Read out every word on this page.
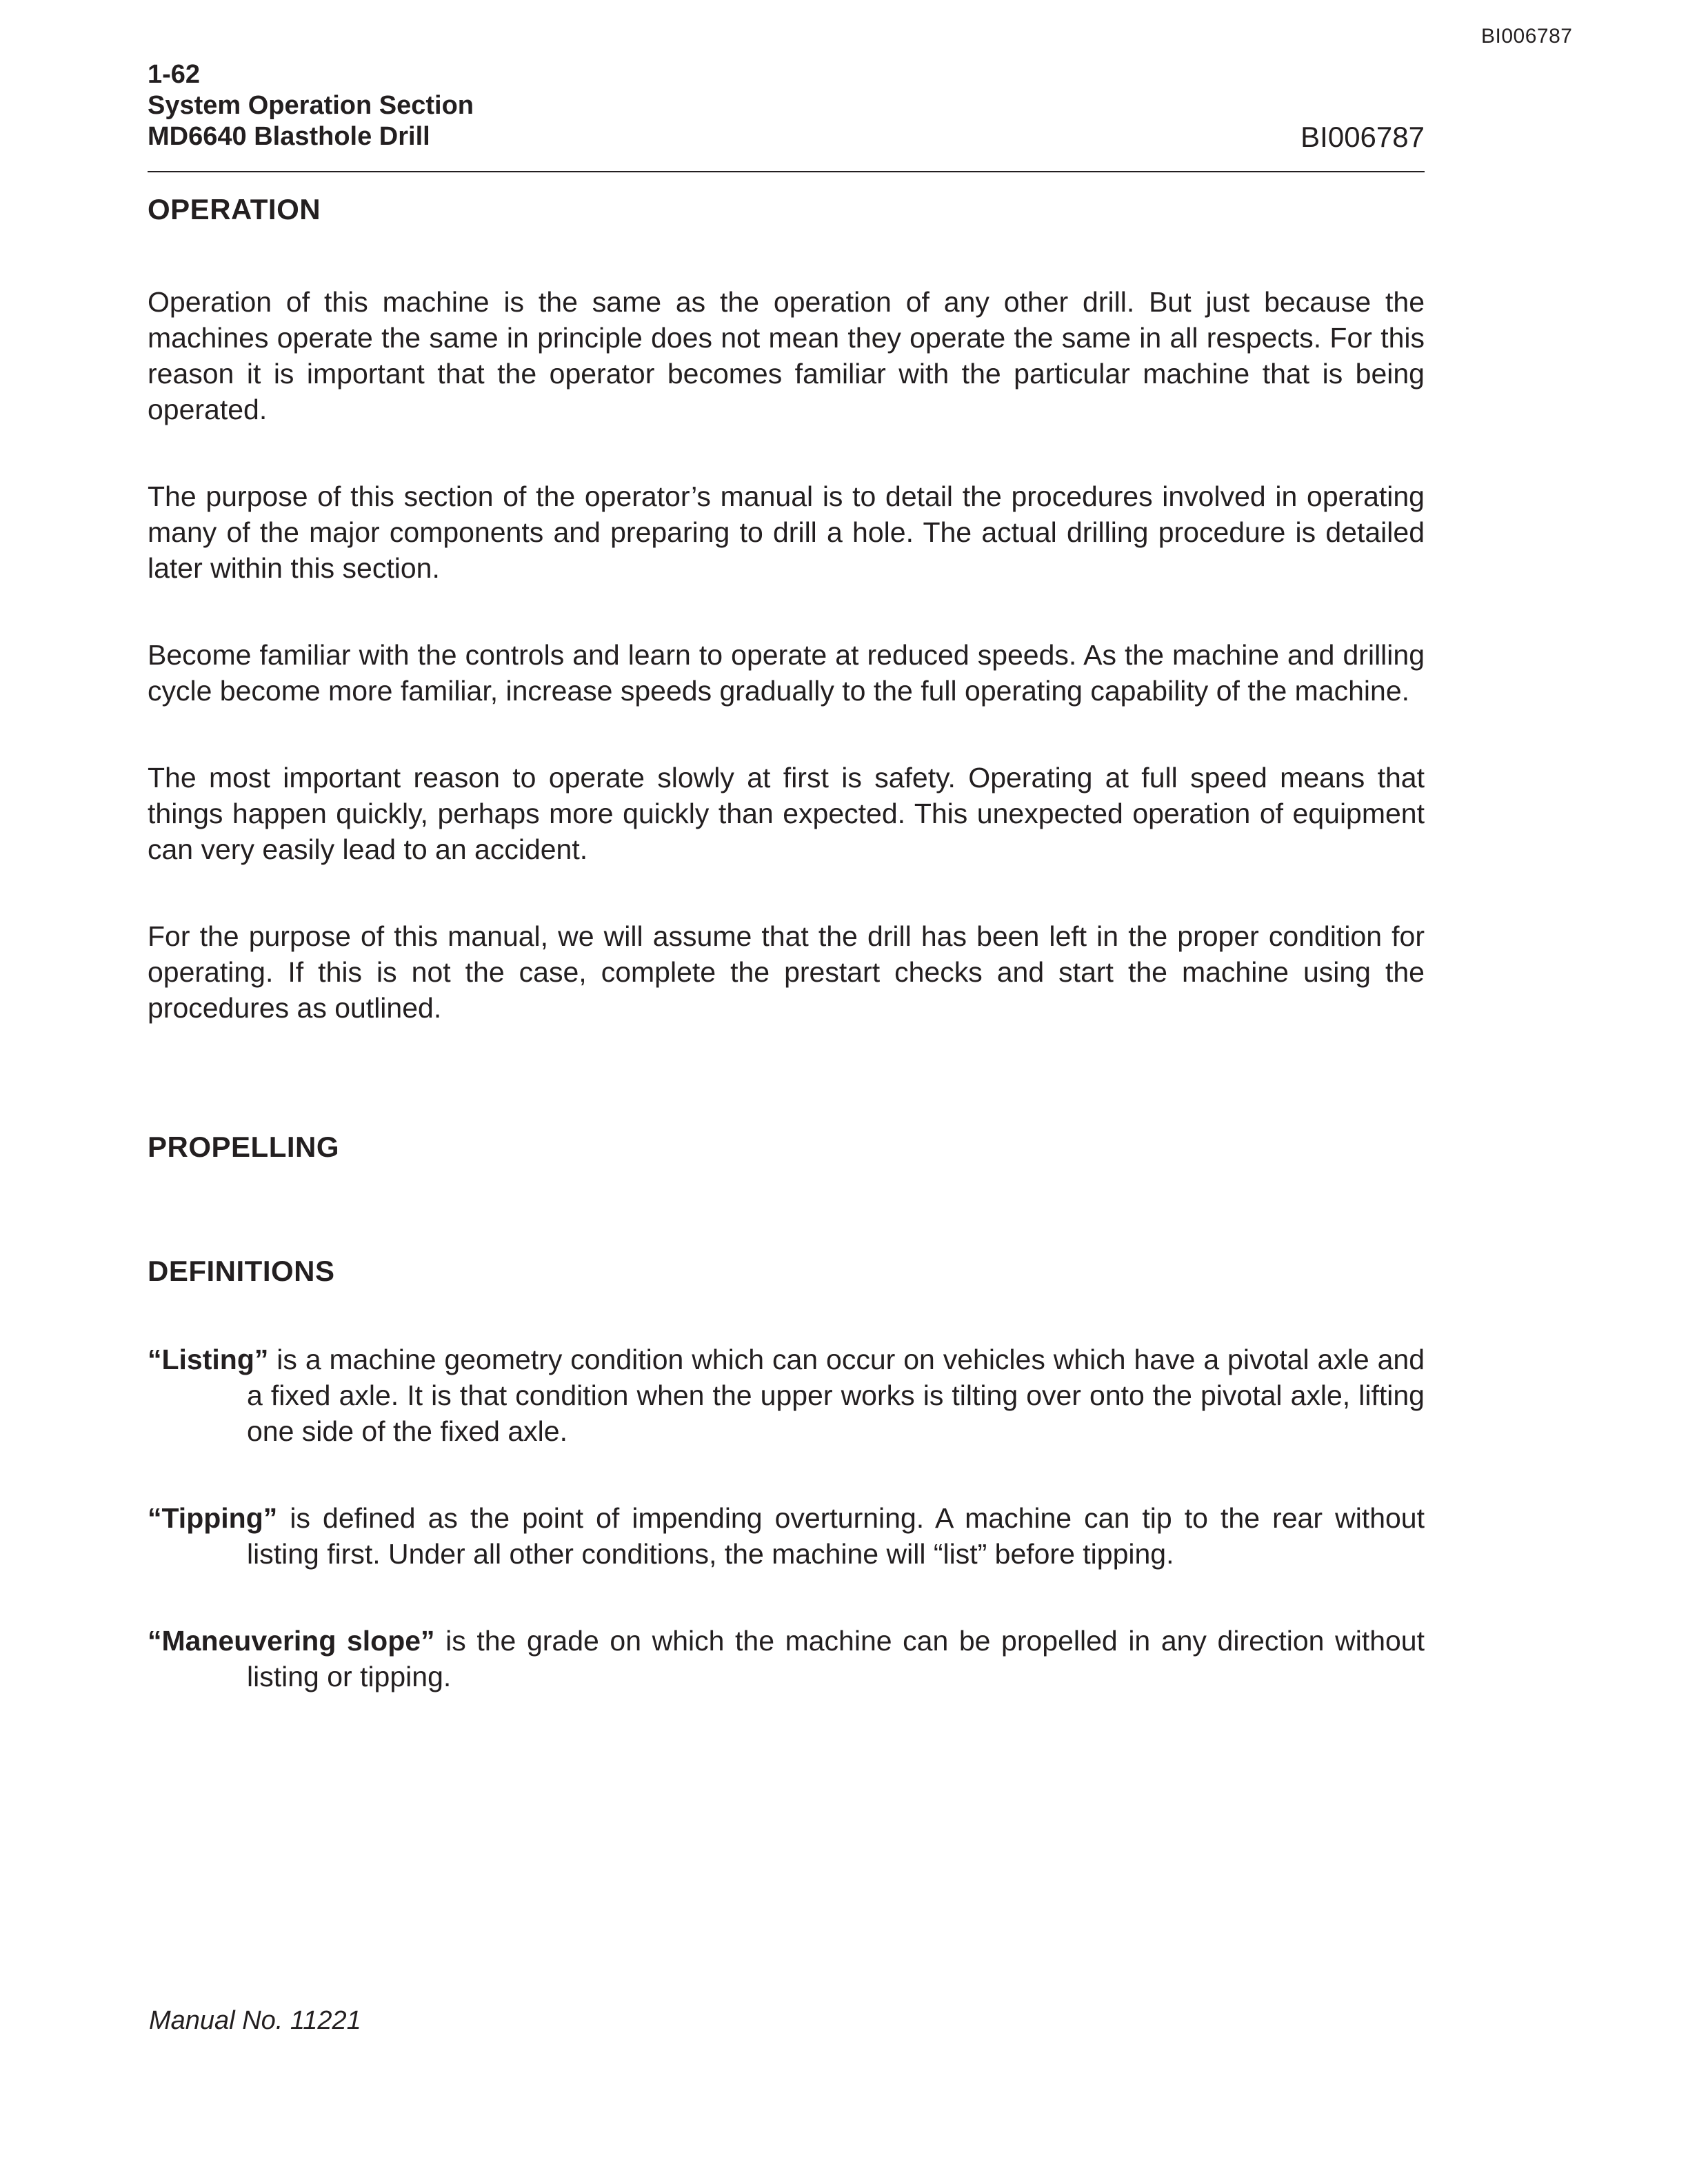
BI006787
1-62
System Operation Section
MD6640 Blasthole Drill	BI006787
OPERATION

Operation of this machine is the same as the operation of any other drill. But just because the machines operate the same in principle does not mean they operate the same in all respects. For this reason it is important that the operator becomes familiar with the particular machine that is being operated.

The purpose of this section of the operator’s manual is to detail the procedures involved in operating many of the major components and preparing to drill a hole. The actual drilling procedure is detailed later within this section.

Become familiar with the controls and learn to operate at reduced speeds. As the machine and drilling cycle become more familiar, increase speeds gradually to the full operating capability of the machine.

The most important reason to operate slowly at first is safety. Operating at full speed means that things happen quickly, perhaps more quickly than expected. This unexpected operation of equipment can very easily lead to an accident.

For the purpose of this manual, we will assume that the drill has been left in the proper condition for operating. If this is not the case, complete the prestart checks and start the machine using the procedures as outlined.

PROPELLING
DEFINITIONS
“Listing” is a machine geometry condition which can occur on vehicles which have a pivotal axle and a fixed axle. It is that condition when the upper works is tilting over onto the pivotal axle, lifting one side of the fixed axle.
“Tipping” is defined as the point of impending overturning. A machine can tip to the rear without listing first. Under all other conditions, the machine will “list” before tipping.
“Maneuvering slope” is the grade on which the machine can be propelled in any direction without listing or tipping.
Manual No. 11221
